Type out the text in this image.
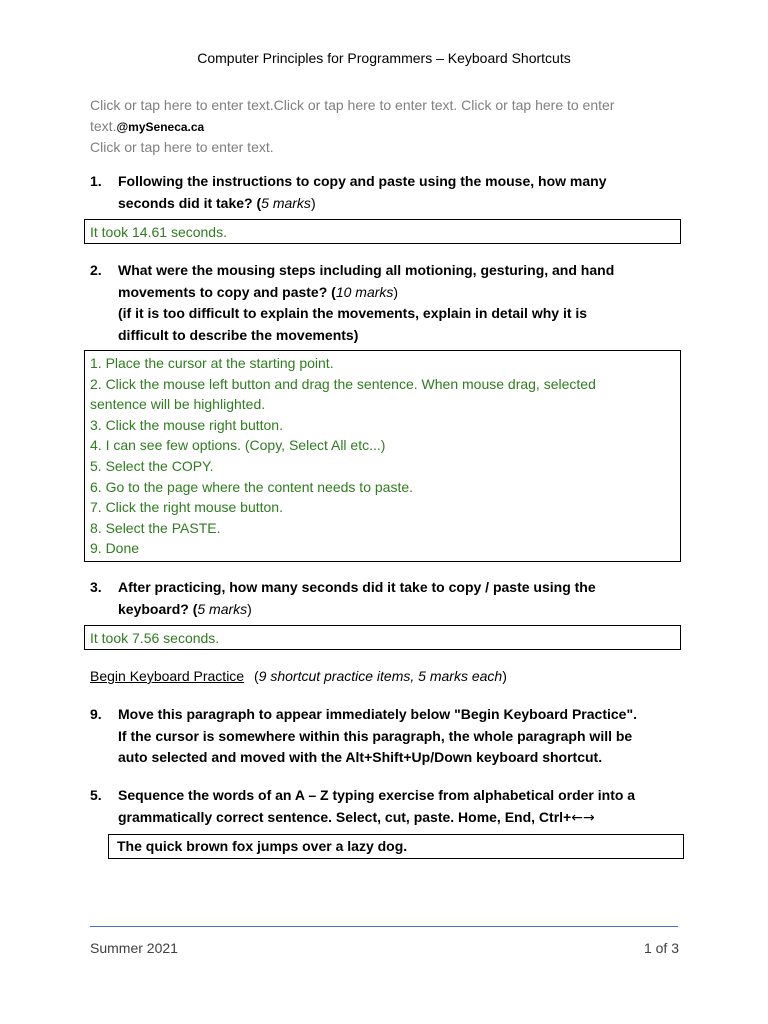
Computer Principles for Programmers – Keyboard Shortcuts
Click or tap here to enter text.Click or tap here to enter text. Click or tap here to enter
text.@mySeneca.ca
Click or tap here to enter text.
1.	Following the instructions to copy and paste using the mouse, how many
seconds did it take? (5 marks)
It took 14.61 seconds.
2.	What were the mousing steps including all motioning, gesturing, and hand
movements to copy and paste? (10 marks)
(if it is too difficult to explain the movements, explain in detail why it is
difficult to describe the movements)
1. Place the cursor at the starting point.
2. Click the mouse left button and drag the sentence. When mouse drag, selected
sentence will be highlighted.
3. Click the mouse right button.
4. I can see few options. (Copy, Select All etc...)
5. Select the COPY.
6. Go to the page where the content needs to paste.
7. Click the right mouse button.
8. Select the PASTE.
9. Done
3.	After practicing, how many seconds did it take to copy / paste using the
keyboard? (5 marks)
It took 7.56 seconds.
Begin Keyboard Practice (9 shortcut practice items, 5 marks each)
9.	Move this paragraph to appear immediately below "Begin Keyboard Practice".
If the cursor is somewhere within this paragraph, the whole paragraph will be
auto selected and moved with the Alt+Shift+Up/Down keyboard shortcut.
5.	Sequence the words of an A – Z typing exercise from alphabetical order into a
grammatically correct sentence. Select, cut, paste. Home, End, Ctrl+←→
The quick brown fox jumps over a lazy dog.
Summer 2021	1 of 3
